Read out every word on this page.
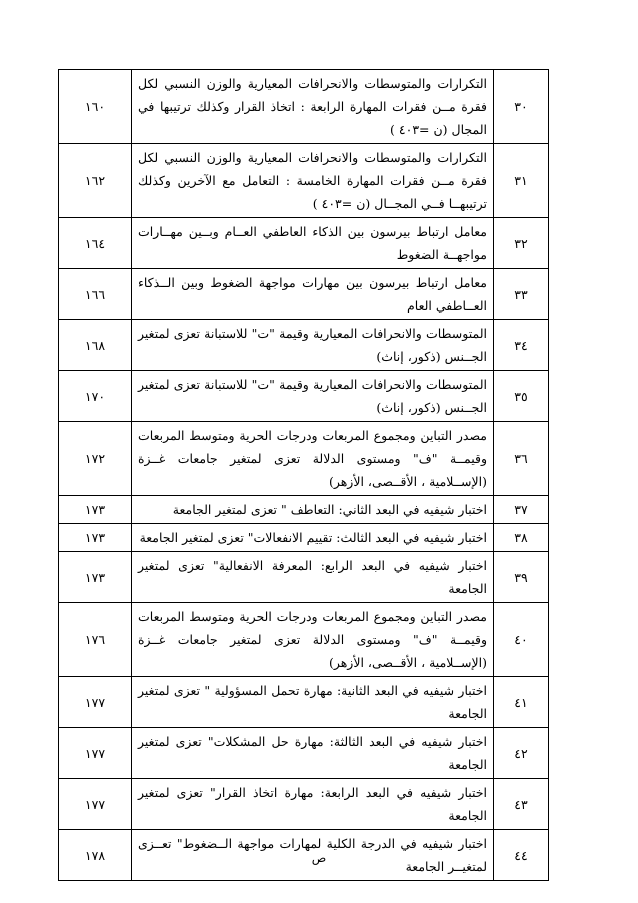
٣٠	التكرارات والمتوسطات والانحرافات المعيارية والوزن النسبي لكل فقرة مــن فقرات المهارة الرابعة : اتخاذ القرار وكذلك ترتيبها في المجال (ن =٤٠٣ )	١٦٠
٣١	التكرارات والمتوسطات والانحرافات المعيارية والوزن النسبي لكل فقرة مــن فقرات المهارة الخامسة : التعامل مع الآخرين وكذلك ترتيبهــا فــي المجــال (ن =٤٠٣ )	١٦٢
٣٢	معامل ارتباط بيرسون بين الذكاء العاطفي العــام وبــين مهــارات مواجهــة الضغوط	١٦٤
٣٣	معامل ارتباط بيرسون بين مهارات مواجهة الضغوط وبين الــذكاء العــاطفي العام	١٦٦
٣٤	المتوسطات والانحرافات المعيارية وقيمة "ت" للاستبانة تعزى لمتغير الجــنس (ذكور، إناث)	١٦٨
٣٥	المتوسطات والانحرافات المعيارية وقيمة "ت" للاستبانة تعزى لمتغير الجــنس (ذكور، إناث)	١٧٠
٣٦	مصدر التباين ومجموع المربعات ودرجات الحرية ومتوسط المربعات وقيمــة "ف" ومستوى الدلالة تعزى لمتغير جامعات غــزة (الإســلامية ، الأقــصى، الأزهر)	١٧٢
٣٧	اختبار شيفيه في البعد الثاني: التعاطف " تعزى لمتغير الجامعة	١٧٣
٣٨	اختبار شيفيه في البعد الثالث: تقييم الانفعالات" تعزى لمتغير الجامعة	١٧٣
٣٩	اختبار شيفيه في البعد الرابع: المعرفة الانفعالية" تعزى لمتغير الجامعة	١٧٣
٤٠	مصدر التباين ومجموع المربعات ودرجات الحرية ومتوسط المربعات وقيمــة "ف" ومستوى الدلالة تعزى لمتغير جامعات غــزة (الإســلامية ، الأقــصى، الأزهر)	١٧٦
٤١	اختبار شيفيه في البعد الثانية: مهارة تحمل المسؤولية " تعزى لمتغير الجامعة	١٧٧
٤٢	اختبار شيفيه في البعد الثالثة: مهارة حل المشكلات" تعزى لمتغير الجامعة	١٧٧
٤٣	اختبار شيفيه في البعد الرابعة: مهارة اتخاذ القرار" تعزى لمتغير الجامعة	١٧٧
٤٤	اختبار شيفيه في الدرجة الكلية لمهارات مواجهة الــضغوط" تعــزى لمتغيــر الجامعة	١٧٨	ص
